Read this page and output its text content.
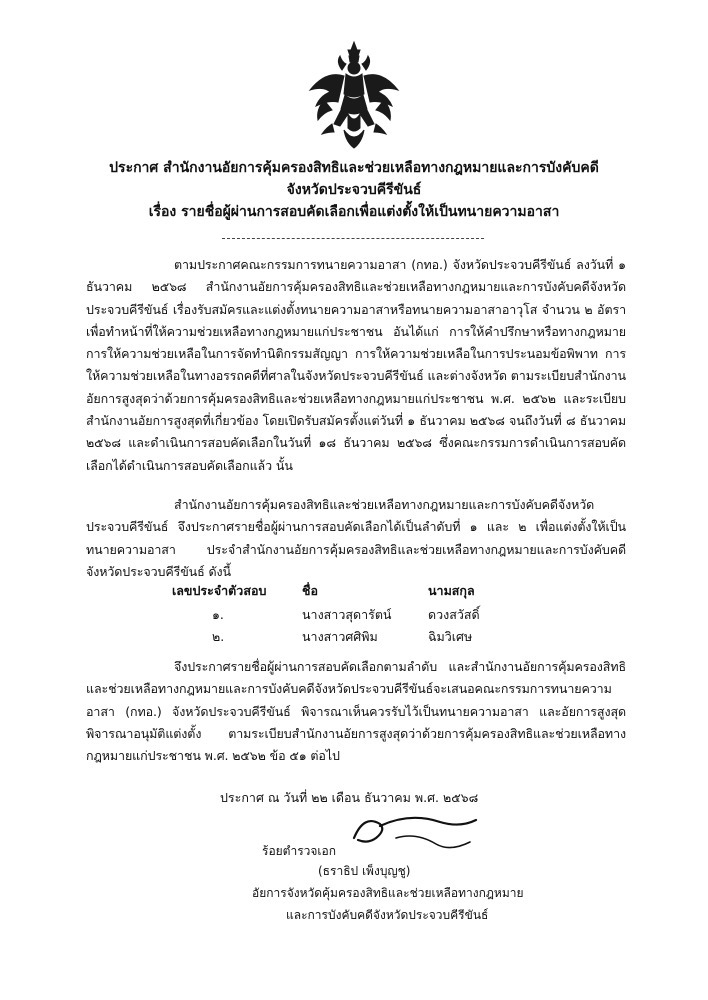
ประกาศ สำนักงานอัยการคุ้มครองสิทธิและช่วยเหลือทางกฎหมายและการบังคับคดี
จังหวัดประจวบคีรีขันธ์
เรื่อง รายชื่อผู้ผ่านการสอบคัดเลือกเพื่อแต่งตั้งให้เป็นทนายความอาสา
ตามประกาศคณะกรรมการทนายความอาสา (กทอ.) จังหวัดประจวบคีรีขันธ์ ลงวันที่ ๑ ธันวาคม ๒๕๖๘ สำนักงานอัยการคุ้มครองสิทธิและช่วยเหลือทางกฎหมายและการบังคับคดีจังหวัดประจวบคีรีขันธ์ เรื่องรับสมัครและแต่งตั้งทนายความอาสาหรือทนายความอาสาอาวุโส จำนวน ๒ อัตรา เพื่อทำหน้าที่ให้ความช่วยเหลือทางกฎหมายแก่ประชาชน อันได้แก่ การให้คำปรึกษาหรือทางกฎหมาย การให้ความช่วยเหลือในการจัดทำนิติกรรมสัญญา การให้ความช่วยเหลือในการประนอมข้อพิพาท การให้ความช่วยเหลือในทางอรรถคดีที่ศาลในจังหวัดประจวบคีรีขันธ์ และต่างจังหวัด ตามระเบียบสำนักงานอัยการสูงสุดว่าด้วยการคุ้มครองสิทธิและช่วยเหลือทางกฎหมายแก่ประชาชน พ.ศ. ๒๕๖๒ และระเบียบสำนักงานอัยการสูงสุดที่เกี่ยวข้อง โดยเปิดรับสมัครตั้งแต่วันที่ ๑ ธันวาคม ๒๕๖๘ จนถึงวันที่ ๘ ธันวาคม ๒๕๖๘ และดำเนินการสอบคัดเลือกในวันที่ ๑๘ ธันวาคม ๒๕๖๘ ซึ่งคณะกรรมการดำเนินการสอบคัดเลือกได้ดำเนินการสอบคัดเลือกแล้ว นั้น
สำนักงานอัยการคุ้มครองสิทธิและช่วยเหลือทางกฎหมายและการบังคับคดีจังหวัดประจวบคีรีขันธ์ จึงประกาศรายชื่อผู้ผ่านการสอบคัดเลือกได้เป็นลำดับที่ ๑ และ ๒ เพื่อแต่งตั้งให้เป็นทนายความอาสา ประจำสำนักงานอัยการคุ้มครองสิทธิและช่วยเหลือทางกฎหมายและการบังคับคดีจังหวัดประจวบคีรีขันธ์ ดังนี้
เลขประจำตัวสอบ	ชื่อ	นามสกุล
๑.	นางสาวสุดารัตน์	ดวงสวัสดิ์
๒.	นางสาวศศิพิม	ฉิมวิเศษ
จึงประกาศรายชื่อผู้ผ่านการสอบคัดเลือกตามลำดับ และสำนักงานอัยการคุ้มครองสิทธิและช่วยเหลือทางกฎหมายและการบังคับคดีจังหวัดประจวบคีรีขันธ์จะเสนอคณะกรรมการทนายความอาสา (กทอ.) จังหวัดประจวบคีรีขันธ์ พิจารณาเห็นควรรับไว้เป็นทนายความอาสา และอัยการสูงสุดพิจารณาอนุมัติแต่งตั้ง ตามระเบียบสำนักงานอัยการสูงสุดว่าด้วยการคุ้มครองสิทธิและช่วยเหลือทางกฎหมายแก่ประชาชน พ.ศ. ๒๕๖๒ ข้อ ๕๑ ต่อไป
ประกาศ ณ วันที่ ๒๒ เดือน ธันวาคม พ.ศ. ๒๕๖๘
ร้อยตำรวจเอก
(ธราธิป เพ็งบุญชู)
อัยการจังหวัดคุ้มครองสิทธิและช่วยเหลือทางกฎหมาย
และการบังคับคดีจังหวัดประจวบคีรีขันธ์
